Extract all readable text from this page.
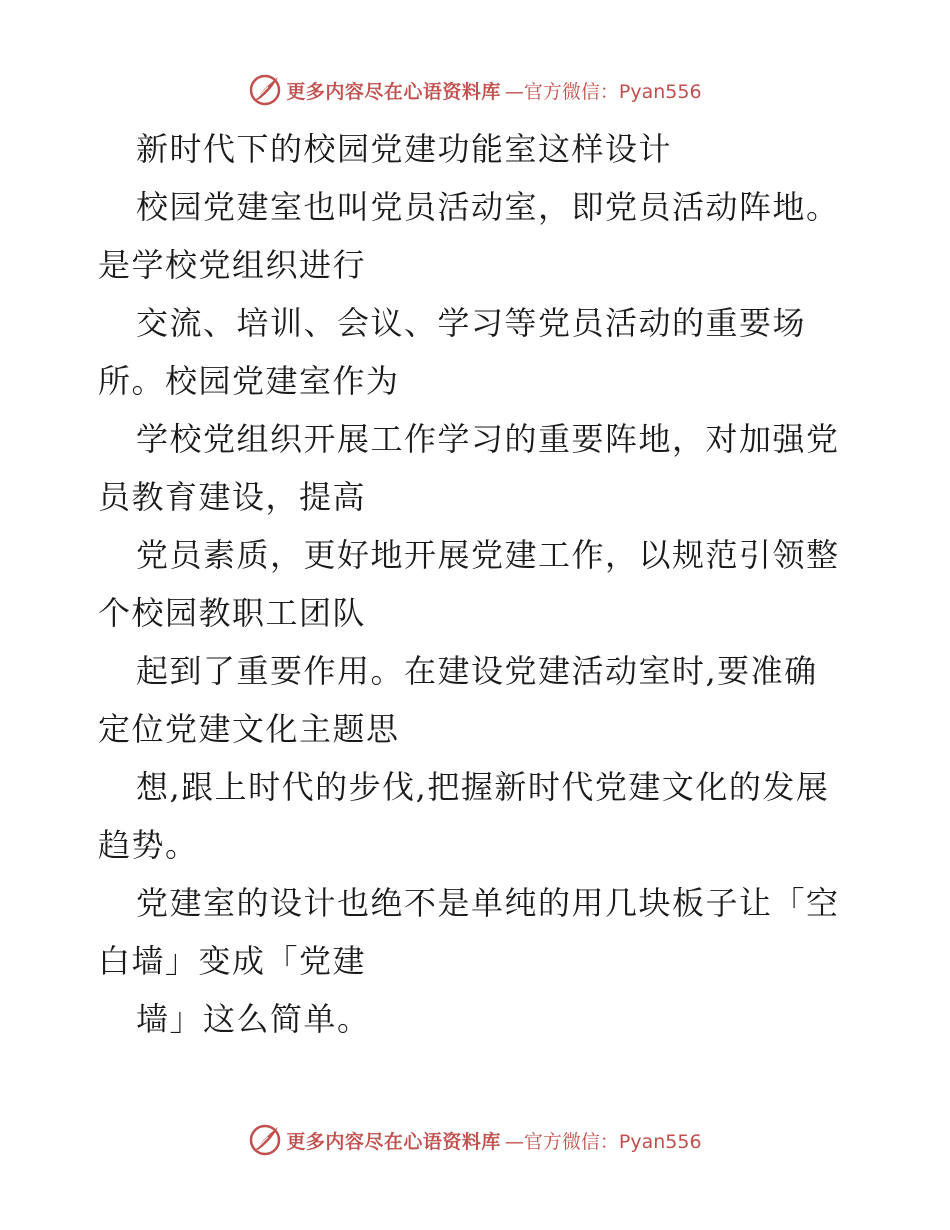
更多内容尽在心语资料库 —官方微信：Pyan556
新时代下的校园党建功能室这样设计
校园党建室也叫党员活动室，即党员活动阵地。
是学校党组织进行
交流、培训、会议、学习等党员活动的重要场
所。校园党建室作为
学校党组织开展工作学习的重要阵地，对加强党
员教育建设，提高
党员素质，更好地开展党建工作，以规范引领整
个校园教职工团队
起到了重要作用。在建设党建活动室时,要准确
定位党建文化主题思
想,跟上时代的步伐,把握新时代党建文化的发展
趋势。
党建室的设计也绝不是单纯的用几块板子让「空
白墙」变成「党建
墙」这么简单。
更多内容尽在心语资料库 —官方微信：Pyan556
